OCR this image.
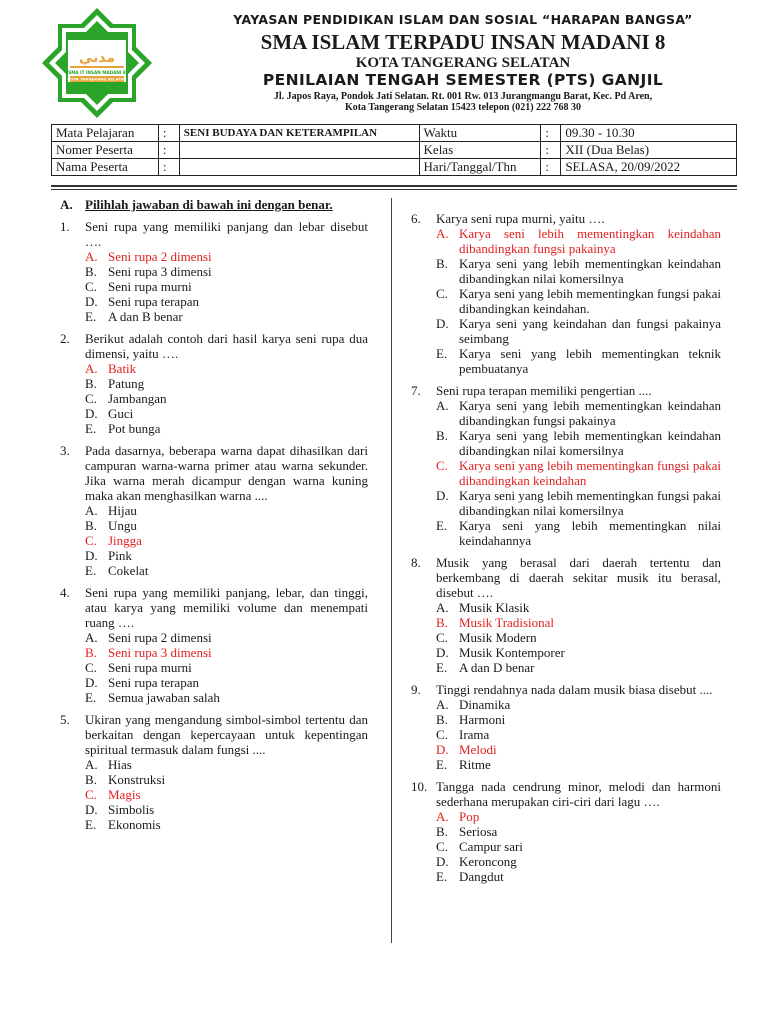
مدني
SMA IT INSAN MADANI 8
KOTA TANGERANG SELATAN
YAYASAN PENDIDIKAN ISLAM DAN SOSIAL “HARAPAN BANGSA”
SMA ISLAM TERPADU INSAN MADANI 8
KOTA TANGERANG SELATAN
PENILAIAN TENGAH SEMESTER (PTS) GANJIL
Jl. Japos Raya, Pondok Jati Selatan. Rt. 001 Rw. 013 Jurangmangu Barat, Kec. Pd Aren,
Kota Tangerang Selatan 15423 telepon (021) 222 768 30
Mata Pelajaran	:	SENI BUDAYA DAN KETERAMPILAN	Waktu	:	09.30 - 10.30
Nomer Peserta	:		Kelas	:	XII (Dua Belas)
Nama Peserta	:		Hari/Tanggal/Thn	:	SELASA, 20/09/2022
A. Pilihlah jawaban di bawah ini dengan benar.
1.	Seni rupa yang memiliki panjang dan lebar disebut ….
A. Seni rupa 2 dimensi
B. Seni rupa 3 dimensi
C. Seni rupa murni
D. Seni rupa terapan
E. A dan B benar
2.	Berikut adalah contoh dari hasil karya seni rupa dua dimensi, yaitu ….
A. Batik
B. Patung
C. Jambangan
D. Guci
E. Pot bunga
3.	Pada dasarnya, beberapa warna dapat dihasilkan dari campuran warna-warna primer atau warna sekunder. Jika warna merah dicampur dengan warna kuning maka akan menghasilkan warna ....
A. Hijau
B. Ungu
C. Jingga
D. Pink
E. Cokelat
4.	Seni rupa yang memiliki panjang, lebar, dan tinggi, atau karya yang memiliki volume dan menempati ruang ….
A. Seni rupa 2 dimensi
B. Seni rupa 3 dimensi
C. Seni rupa murni
D. Seni rupa terapan
E. Semua jawaban salah
5.	Ukiran yang mengandung simbol-simbol tertentu dan berkaitan dengan kepercayaan untuk kepentingan spiritual termasuk dalam fungsi ....
A. Hias
B. Konstruksi
C. Magis
D. Simbolis
E. Ekonomis
6.	Karya seni rupa murni, yaitu ….
A. Karya seni lebih mementingkan keindahan dibandingkan fungsi pakainya
B. Karya seni yang lebih mementingkan keindahan dibandingkan nilai komersilnya
C. Karya seni yang lebih mementingkan fungsi pakai dibandingkan keindahan.
D. Karya seni yang keindahan dan fungsi pakainya seimbang
E. Karya seni yang lebih mementingkan teknik pembuatanya
7.	Seni rupa terapan memiliki pengertian ....
A. Karya seni yang lebih mementingkan keindahan dibandingkan fungsi pakainya
B. Karya seni yang lebih mementingkan keindahan dibandingkan nilai komersilnya
C. Karya seni yang lebih mementingkan fungsi pakai dibandingkan keindahan
D. Karya seni yang lebih mementingkan fungsi pakai dibandingkan nilai komersilnya
E. Karya seni yang lebih mementingkan nilai keindahannya
8.	Musik yang berasal dari daerah tertentu dan berkembang di daerah sekitar musik itu berasal, disebut ….
A. Musik Klasik
B. Musik Tradisional
C. Musik Modern
D. Musik Kontemporer
E. A dan D benar
9.	Tinggi rendahnya nada dalam musik biasa disebut ....
A. Dinamika
B. Harmoni
C. Irama
D. Melodi
E. Ritme
10. Tangga nada cendrung minor, melodi dan harmoni sederhana merupakan ciri-ciri dari lagu ….
A. Pop
B. Seriosa
C. Campur sari
D. Keroncong
E. Dangdut
